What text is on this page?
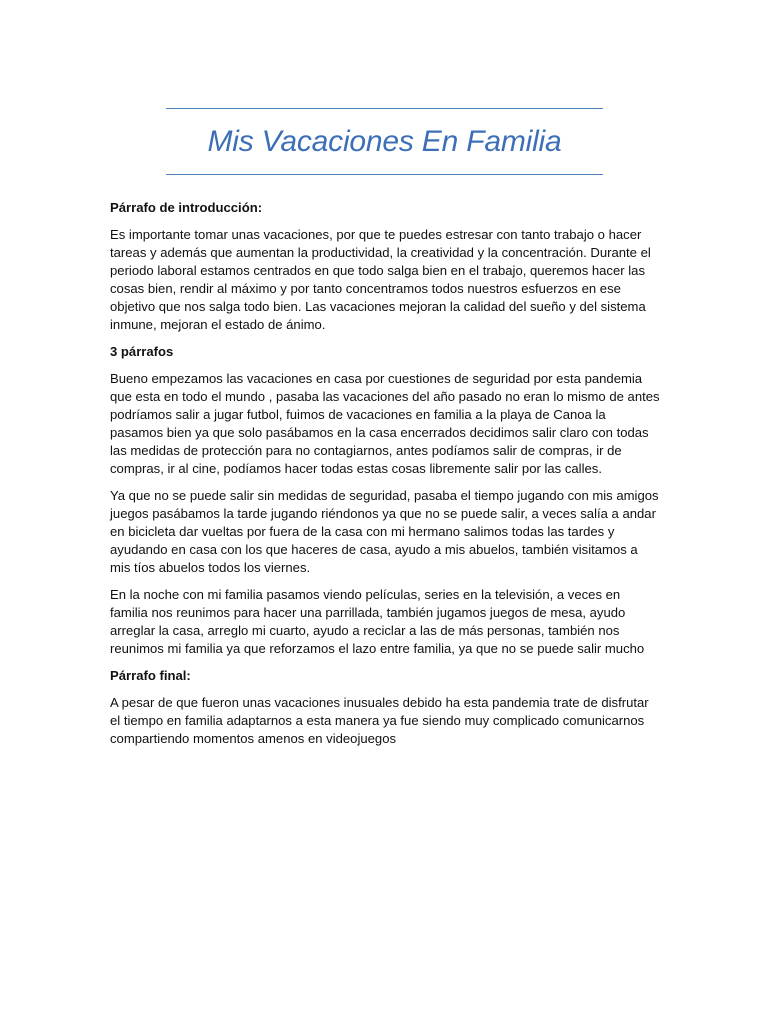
Mis Vacaciones En Familia

Párrafo de introducción:

Es importante tomar unas vacaciones, por que te puedes estresar con tanto trabajo o hacer tareas y además que aumentan la productividad, la creatividad y la concentración. Durante el periodo laboral estamos centrados en que todo salga bien en el trabajo, queremos hacer las cosas bien, rendir al máximo y por tanto concentramos todos nuestros esfuerzos en ese objetivo que nos salga todo bien. Las vacaciones mejoran la calidad del sueño y del sistema inmune, mejoran el estado de ánimo.

3 párrafos

Bueno empezamos las vacaciones en casa por cuestiones de seguridad por esta pandemia que esta en todo el mundo , pasaba las vacaciones del año pasado no eran lo mismo de antes podríamos salir a jugar futbol, fuimos de vacaciones en familia a la playa de Canoa la pasamos bien ya que solo pasábamos en la casa encerrados decidimos salir claro con todas las medidas de protección para no contagiarnos, antes podíamos salir de compras, ir de compras, ir al cine, podíamos hacer todas estas cosas libremente salir por las calles.

Ya que no se puede salir sin medidas de seguridad, pasaba el tiempo jugando con mis amigos juegos pasábamos la tarde jugando riéndonos ya que no se puede salir, a veces salía a andar en bicicleta dar vueltas por fuera de la casa con mi hermano salimos todas las tardes y ayudando en casa con los que haceres de casa, ayudo a mis abuelos, también visitamos a mis tíos abuelos todos los viernes.

En la noche con mi familia pasamos viendo películas, series en la televisión, a veces en familia nos reunimos para hacer una parrillada, también jugamos juegos de mesa, ayudo arreglar la casa, arreglo mi cuarto, ayudo a reciclar a las de más personas, también nos reunimos mi familia ya que reforzamos el lazo entre familia, ya que no se puede salir mucho

Párrafo final:

A pesar de que fueron unas vacaciones inusuales debido ha esta pandemia trate de disfrutar el tiempo en familia adaptarnos a esta manera ya fue siendo muy complicado comunicarnos compartiendo momentos amenos en videojuegos
